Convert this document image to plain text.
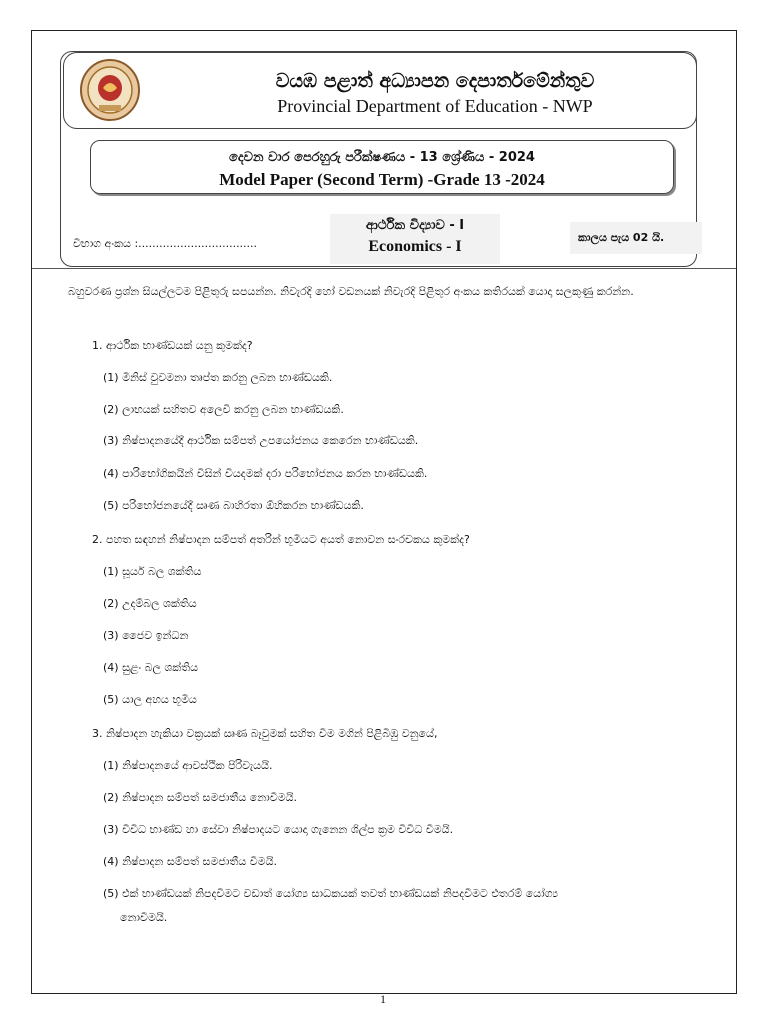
වයඹ පළාත් අධ්‍යාපන දෙපාර්තමේන්තුව
Provincial Department of Education - NWP
දෙවන වාර පෙරහුරු පරීක්ෂණය - 13 ශ්‍රේණිය - 2024
Model Paper (Second Term) -Grade 13 -2024
ආර්ථික විද්‍යාව - I
Economics - I
විභාග අංකය :..................................	කාලය පැය 02 යි.
බහුවරණ ප්‍රශ්න සියල්ලටම පිළිතුරු සපයන්න. නිවැරදි හෝ වඩනයක් නිවැරදි පිළිතුර අංකය කතිරයක් යොදා සලකුණු කරන්න.
1. ආර්ථික භාණ්ඩයක් යනු කුමක්ද?
(1) මිනිස් වුවමනා තෘප්ත කරනු ලබන භාණ්ඩයකි.
(2) ලාභයක් සහිතව අලෙවි කරනු ලබන භාණ්ඩයකි.
(3) නිෂ්පාදනයේදී ආර්ථික සම්පත් උපයෝජනය කෙරෙන භාණ්ඩයකි.
(4) පාරිභෝගිකයින් විසින් වියදමක් දරා පරිභෝජනය කරන භාණ්ඩයකි.
(5) පරිභෝජනයේදී ඍණ බාහිරතා ඕහිකරන භාණ්ඩයකි.
2. පහත සඳහන් නිෂ්පාදන සම්පත් අතරින් භූමියට අයත් නොවන සංරචකය කුමක්ද?
(1) සූර්ය බල ශක්තිය
(2) උදම්බල ශක්තිය
(3) ජෛව ඉන්ධන
(4) සුළං බල ශක්තිය
(5) යාල අහය භූමිය
3. නිෂ්පාදන හැකියා වක්‍රයක් ඍණ බෑවුමක් සහිත වීම මගින් පිළිබිඹු වනුයේ,
(1) නිෂ්පාදනයේ ආවස්ථික පිරිවැයයි.
(2) නිෂ්පාදන සම්පත් සමජාතීය නොවීමයි.
(3) විවිධ භාණ්ඩ හා සේවා නිෂ්පාදයට යොදා ගැනෙන ශිල්ප ක්‍රම විවිධ වීමයි.
(4) නිෂ්පාදන සම්පත් සමජාතීය වීමයි.
(5) එක් භාණ්ඩයක් නිපදවීමට වඩාත් යෝග්‍ය සාධකයක් තවත් භාණ්ඩයක් නිපදවීමට එතරම් යෝග්‍ය
නොවීමයි.
1
